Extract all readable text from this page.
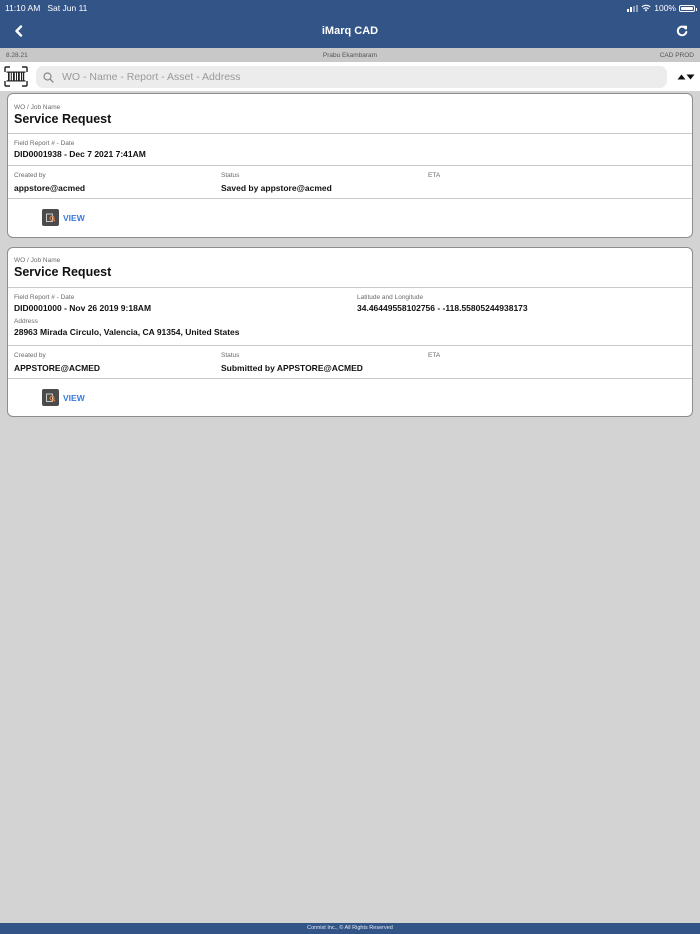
11:10 AM Sat Jun 11	100%
iMarq CAD
8.28.21	Prabu Ekambaram	CAD PROD
WO - Name - Report - Asset - Address
WO / Job Name
Service Request
Field Report # - Date
DID0001938 - Dec 7 2021 7:41AM
Created by
appstore@acmed
Status
Saved by appstore@acmed
ETA
VIEW
WO / Job Name
Service Request
Field Report # - Date
DID0001000 - Nov 26 2019 9:18AM
Latitude and Longitude
34.46449558102756 - -118.55805244938173
Address
28963 Mirada Circulo, Valencia, CA 91354, United States
Created by
APPSTORE@ACMED
Status
Submitted by APPSTORE@ACMED
ETA
VIEW
Connixt Inc., © All Rights Reserved
